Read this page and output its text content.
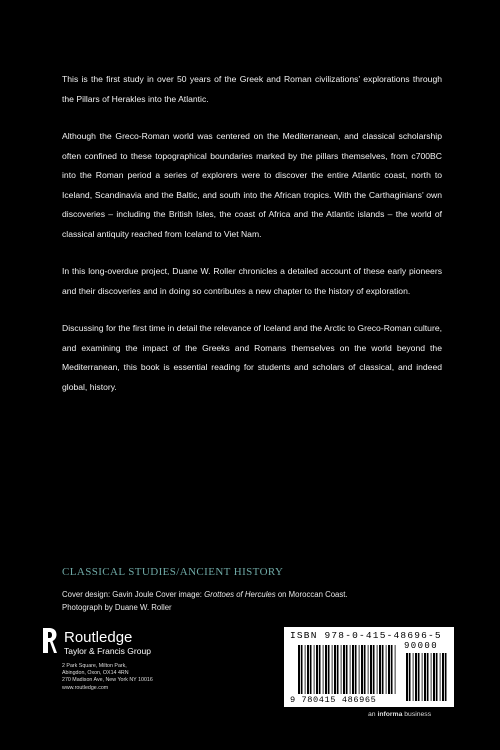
This is the first study in over 50 years of the Greek and Roman civilizations’ explorations through the Pillars of Herakles into the Atlantic.

Although the Greco-Roman world was centered on the Mediterranean, and classical scholarship often confined to these topographical boundaries marked by the pillars themselves, from c700BC into the Roman period a series of explorers were to discover the entire Atlantic coast, north to Iceland, Scandinavia and the Baltic, and south into the African tropics. With the Carthaginians’ own discoveries – including the British Isles, the coast of Africa and the Atlantic islands – the world of classical antiquity reached from Iceland to Viet Nam.

In this long-overdue project, Duane W. Roller chronicles a detailed account of these early pioneers and their discoveries and in doing so contributes a new chapter to the history of exploration.

Discussing for the first time in detail the relevance of Iceland and the Arctic to Greco-Roman culture, and examining the impact of the Greeks and Romans themselves on the world beyond the Mediterranean, this book is essential reading for students and scholars of classical, and indeed global, history.

CLASSICAL STUDIES/ANCIENT HISTORY
Cover design: Gavin Joule Cover image: Grottoes of Hercules on Moroccan Coast.
Photograph by Duane W. Roller
Routledge
Taylor & Francis Group
2 Park Square, Milton Park,
Abingdon, Oxon, OX14 4RN
270 Madison Ave, New York NY 10016
www.routledge.com
ISBN 978-0-415-48696-5
9 780415 486965
90000
an informa business
